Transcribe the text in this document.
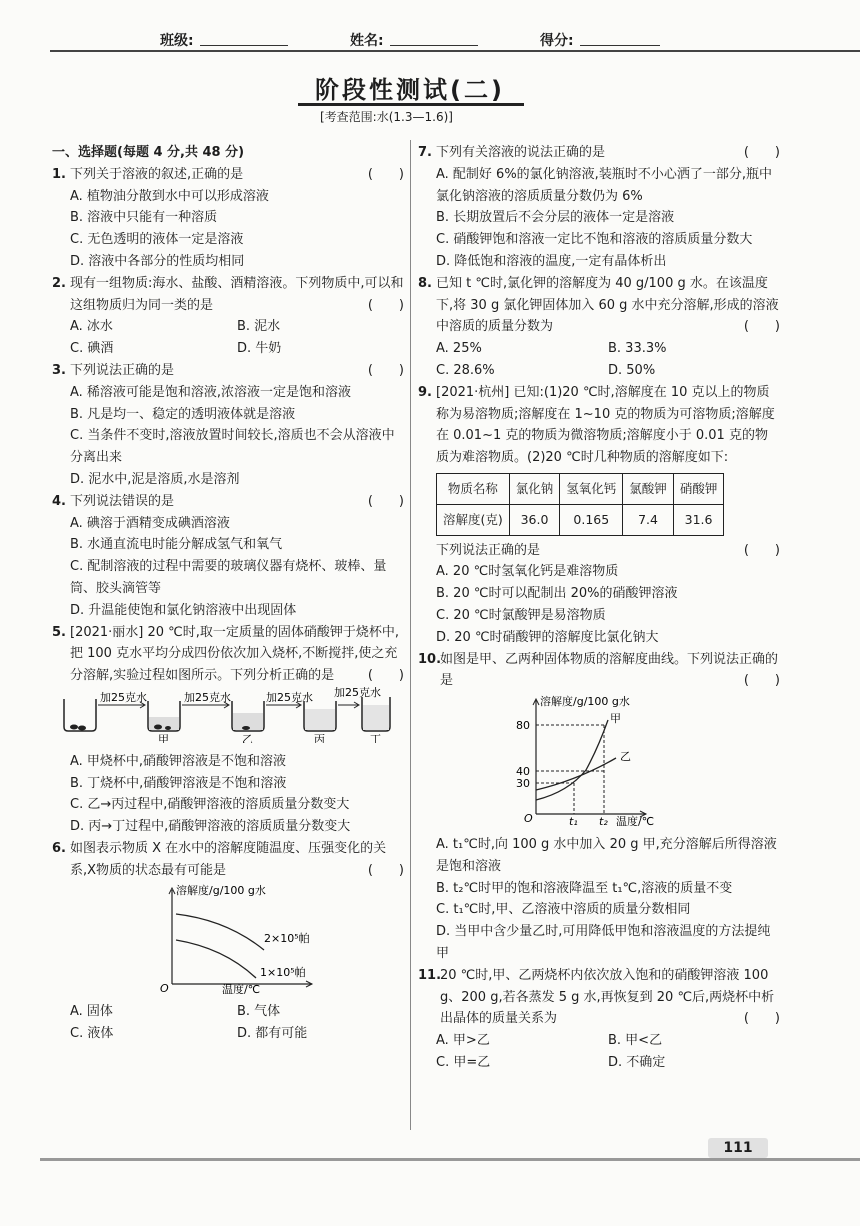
班级:	姓名:	得分:
阶段性测试(二)
[考查范围:水(1.3—1.6)]
一、选择题(每题 4 分,共 48 分)
1. 下列关于溶液的叙述,正确的是	(　　)
A. 植物油分散到水中可以形成溶液
B. 溶液中只能有一种溶质
C. 无色透明的液体一定是溶液
D. 溶液中各部分的性质均相同
2. 现有一组物质:海水、盐酸、酒精溶液。下列物质中,可以和这组物质归为同一类的是	(　　)
A. 冰水	B. 泥水
C. 碘酒	D. 牛奶
3. 下列说法正确的是	(　　)
A. 稀溶液可能是饱和溶液,浓溶液一定是饱和溶液
B. 凡是均一、稳定的透明液体就是溶液
C. 当条件不变时,溶液放置时间较长,溶质也不会从溶液中分离出来
D. 泥水中,泥是溶质,水是溶剂
4. 下列说法错误的是	(　　)
A. 碘溶于酒精变成碘酒溶液
B. 水通直流电时能分解成氢气和氧气
C. 配制溶液的过程中需要的玻璃仪器有烧杯、玻棒、量筒、胶头滴管等
D. 升温能使饱和氯化钠溶液中出现固体
5. [2021·丽水] 20 ℃时,取一定质量的固体硝酸钾于烧杯中,把 100 克水平均分成四份依次加入烧杯,不断搅拌,使之充分溶解,实验过程如图所示。下列分析正确的是	(　　)
加25克水	加25克水	加25克水 加25克水
甲	乙	丙	丁
A. 甲烧杯中,硝酸钾溶液是不饱和溶液
B. 丁烧杯中,硝酸钾溶液是不饱和溶液
C. 乙→丙过程中,硝酸钾溶液的溶质质量分数变大
D. 丙→丁过程中,硝酸钾溶液的溶质质量分数变大
6. 如图表示物质 X 在水中的溶解度随温度、压强变化的关系,X物质的状态最有可能是	(　　)
溶解度/g/100 g水
O	温度/℃
2×10⁵帕
1×10⁵帕
A. 固体	B. 气体
C. 液体	D. 都有可能
7. 下列有关溶液的说法正确的是	(　　)
A. 配制好 6%的氯化钠溶液,装瓶时不小心洒了一部分,瓶中氯化钠溶液的溶质质量分数仍为 6%
B. 长期放置后不会分层的液体一定是溶液
C. 硝酸钾饱和溶液一定比不饱和溶液的溶质质量分数大
D. 降低饱和溶液的温度,一定有晶体析出
8. 已知 t ℃时,氯化钾的溶解度为 40 g/100 g 水。在该温度下,将 30 g 氯化钾固体加入 60 g 水中充分溶解,形成的溶液中溶质的质量分数为	(　　)
A. 25%	B. 33.3%
C. 28.6%	D. 50%
9. [2021·杭州] 已知:(1)20 ℃时,溶解度在 10 克以上的物质称为易溶物质;溶解度在 1~10 克的物质为可溶物质;溶解度在 0.01~1 克的物质为微溶物质;溶解度小于 0.01 克的物质为难溶物质。(2)20 ℃时几种物质的溶解度如下:
物质名称	氯化钠	氢氧化钙	氯酸钾	硝酸钾
溶解度(克)	36.0	0.165	7.4	31.6
下列说法正确的是	(　　)
A. 20 ℃时氢氧化钙是难溶物质
B. 20 ℃时可以配制出 20%的硝酸钾溶液
C. 20 ℃时氯酸钾是易溶物质
D. 20 ℃时硝酸钾的溶解度比氯化钠大
10.
如图是甲、乙两种固体物质的溶解度曲线。下列说法正确的是	(　　)
80
40
30
溶解度/g/100 g水
O	t₁ t₂ 温度/℃
甲
乙
A. t₁℃时,向 100 g 水中加入 20 g 甲,充分溶解后所得溶液是饱和溶液
B. t₂℃时甲的饱和溶液降温至 t₁℃,溶液的质量不变
C. t₁℃时,甲、乙溶液中溶质的质量分数相同
D. 当甲中含少量乙时,可用降低甲饱和溶液温度的方法提纯甲
11.
20 ℃时,甲、乙两烧杯内依次放入饱和的硝酸钾溶液 100 g、200 g,若各蒸发 5 g 水,再恢复到 20 ℃后,两烧杯中析出晶体的质量关系为	(　　)
A. 甲>乙	B. 甲<乙
C. 甲=乙	D. 不确定
111
